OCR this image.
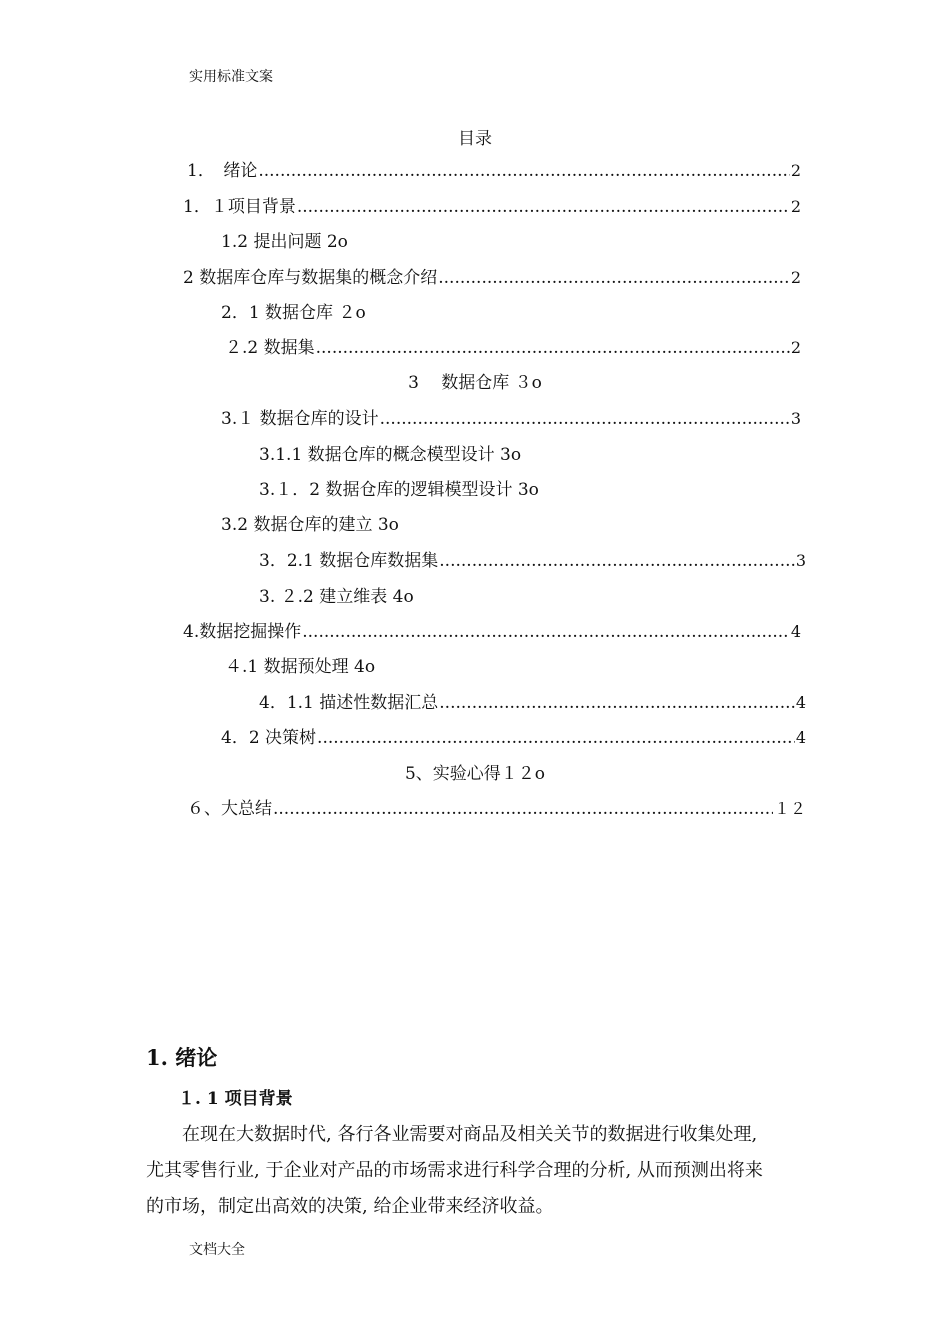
实用标准文案
目录
1．　绪论 .....	2
1．１项目背景 .....	2
1.2 提出问题 2ο
2 数据库仓库与数据集的概念介绍 .....	2
2．1 数据仓库 ２ο
２.2 数据集 .....	2
3　 数据仓库 ３ο
3.１ 数据仓库的设计 .....	3
3.1.1 数据仓库的概念模型设计 3ο
3.１．2 数据仓库的逻辑模型设计 3ο
3.2 数据仓库的建立 3ο
3．2.1 数据仓库数据集 .....	3
3. ２.2 建立维表 4ο
4.数据挖掘操作 .....	4
４.1 数据预处理 4ο
4．1.1 描述性数据汇总 .....	4
4．2 决策树 .....	4
5、实验心得１２ο
６、大总结 .....	１２
1. 绪论
１. 1 项目背景

在现在大数据时代, 各行各业需要对商品及相关关节的数据进行收集处理,
尤其零售行业, 于企业对产品的市场需求进行科学合理的分析, 从而预测出将来
的市场，制定出高效的决策, 给企业带来经济收益。

文档大全
